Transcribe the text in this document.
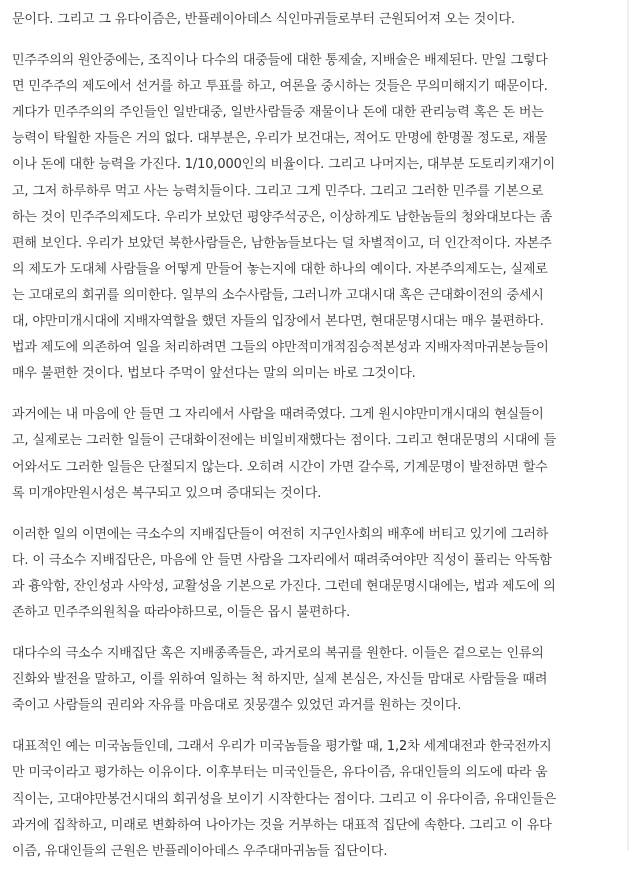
문이다. 그리고 그 유다이즘은, 반플레이아데스 식인마귀들로부터 근원되어져 오는 것이다.
민주주의의 원안중에는, 조직이나 다수의 대중들에 대한 통제술, 지배술은 배제된다. 만일 그렇다
면 민주주의 제도에서 선거를 하고 투표를 하고, 여론을 중시하는 것들은 무의미해지기 때문이다.
게다가 민주주의의 주인들인 일반대중, 일반사람들중 재물이나 돈에 대한 관리능력 혹은 돈 버는
능력이 탁월한 자들은 거의 없다. 대부분은, 우리가 보건대는, 적어도 만명에 한명꼴 정도로, 재물
이나 돈에 대한 능력을 가진다. 1/10,000인의 비율이다. 그리고 나머지는, 대부분 도토리키재기이
고, 그저 하루하루 먹고 사는 능력치들이다. 그리고 그게 민주다. 그리고 그러한 민주를 기본으로
하는 것이 민주주의제도다. 우리가 보았던 평양주석궁은, 이상하게도 남한놈들의 청와대보다는 좀
편해 보인다. 우리가 보았던 북한사람들은, 남한놈들보다는 덜 차별적이고, 더 인간적이다. 자본주
의 제도가 도대체 사람들을 어떻게 만들어 놓는지에 대한 하나의 예이다. 자본주의제도는, 실제로
는 고대로의 회귀를 의미한다. 일부의 소수사람들, 그러니까 고대시대 혹은 근대화이전의 중세시
대, 야만미개시대에 지배자역할을 했던 자들의 입장에서 본다면, 현대문명시대는 매우 불편하다.
법과 제도에 의존하여 일을 처리하려면 그들의 야만적미개적짐승적본성과 지배자적마귀본능들이
매우 불편한 것이다. 법보다 주먹이 앞선다는 말의 의미는 바로 그것이다.
과거에는 내 마음에 안 들면 그 자리에서 사람을 때려죽였다. 그게 원시야만미개시대의 현실들이
고, 실제로는 그러한 일들이 근대화이전에는 비일비재했다는 점이다. 그리고 현대문명의 시대에 들
어와서도 그러한 일들은 단절되지 않는다. 오히려 시간이 가면 갈수록, 기계문명이 발전하면 할수
록 미개야만원시성은 복구되고 있으며 증대되는 것이다.
이러한 일의 이면에는 극소수의 지배집단들이 여전히 지구인사회의 배후에 버티고 있기에 그러하
다. 이 극소수 지배집단은, 마음에 안 들면 사람을 그자리에서 때려죽여야만 직성이 풀리는 악독함
과 흉악함, 잔인성과 사악성, 교활성을 기본으로 가진다. 그런데 현대문명시대에는, 법과 제도에 의
존하고 민주주의원칙을 따라야하므로, 이들은 몹시 불편하다.
대다수의 극소수 지배집단 혹은 지배종족들은, 과거로의 복귀를 원한다. 이들은 겉으로는 인류의
진화와 발전을 말하고, 이를 위하여 일하는 척 하지만, 실제 본심은, 자신들 맘대로 사람들을 때려
죽이고 사람들의 권리와 자유를 마음대로 짓뭉갤수 있었던 과거를 원하는 것이다.
대표적인 예는 미국놈들인데, 그래서 우리가 미국놈들을 평가할 때, 1,2차 세계대전과 한국전까지
만 미국이라고 평가하는 이유이다. 이후부터는 미국인들은, 유다이즘, 유대인들의 의도에 따라 움
직이는, 고대야만봉건시대의 회귀성을 보이기 시작한다는 점이다. 그리고 이 유다이즘, 유대인들은
과거에 집착하고, 미래로 변화하여 나아가는 것을 거부하는 대표적 집단에 속한다. 그리고 이 유다
이즘, 유대인들의 근원은 반플레이아데스 우주대마귀놈들 집단이다.
